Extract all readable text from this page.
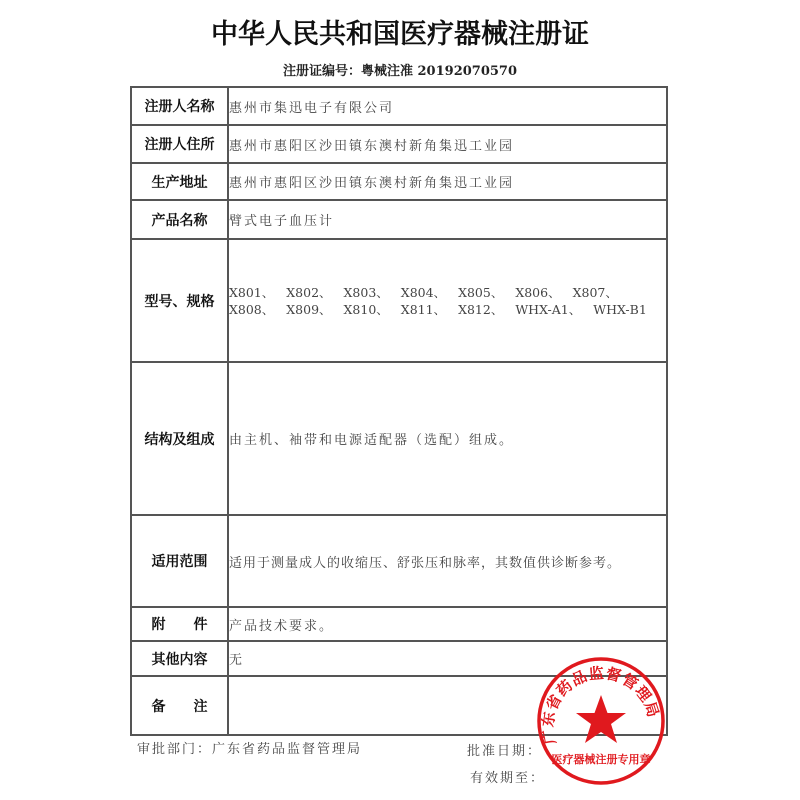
中华人民共和国医疗器械注册证
注册证编号：粤械注准 20192070570
注册人名称	惠州市集迅电子有限公司
注册人住所	惠州市惠阳区沙田镇东澳村新角集迅工业园
生产地址	惠州市惠阳区沙田镇东澳村新角集迅工业园
产品名称	臂式电子血压计
型号、规格	X801、 X802、 X803、 X804、 X805、 X806、 X807、X808、 X809、 X810、 X811、 X812、 WHX-A1、 WHX-B1
结构及组成	由主机、袖带和电源适配器（选配）组成。
适用范围	适用于测量成人的收缩压、舒张压和脉率，其数值供诊断参考。
附　　件	产品技术要求。
其他内容	无
备　　注	
审批部门：广东省药品监督管理局	批准日期：
有效期至：
广东省药品监督管理局
医疗器械注册专用章
